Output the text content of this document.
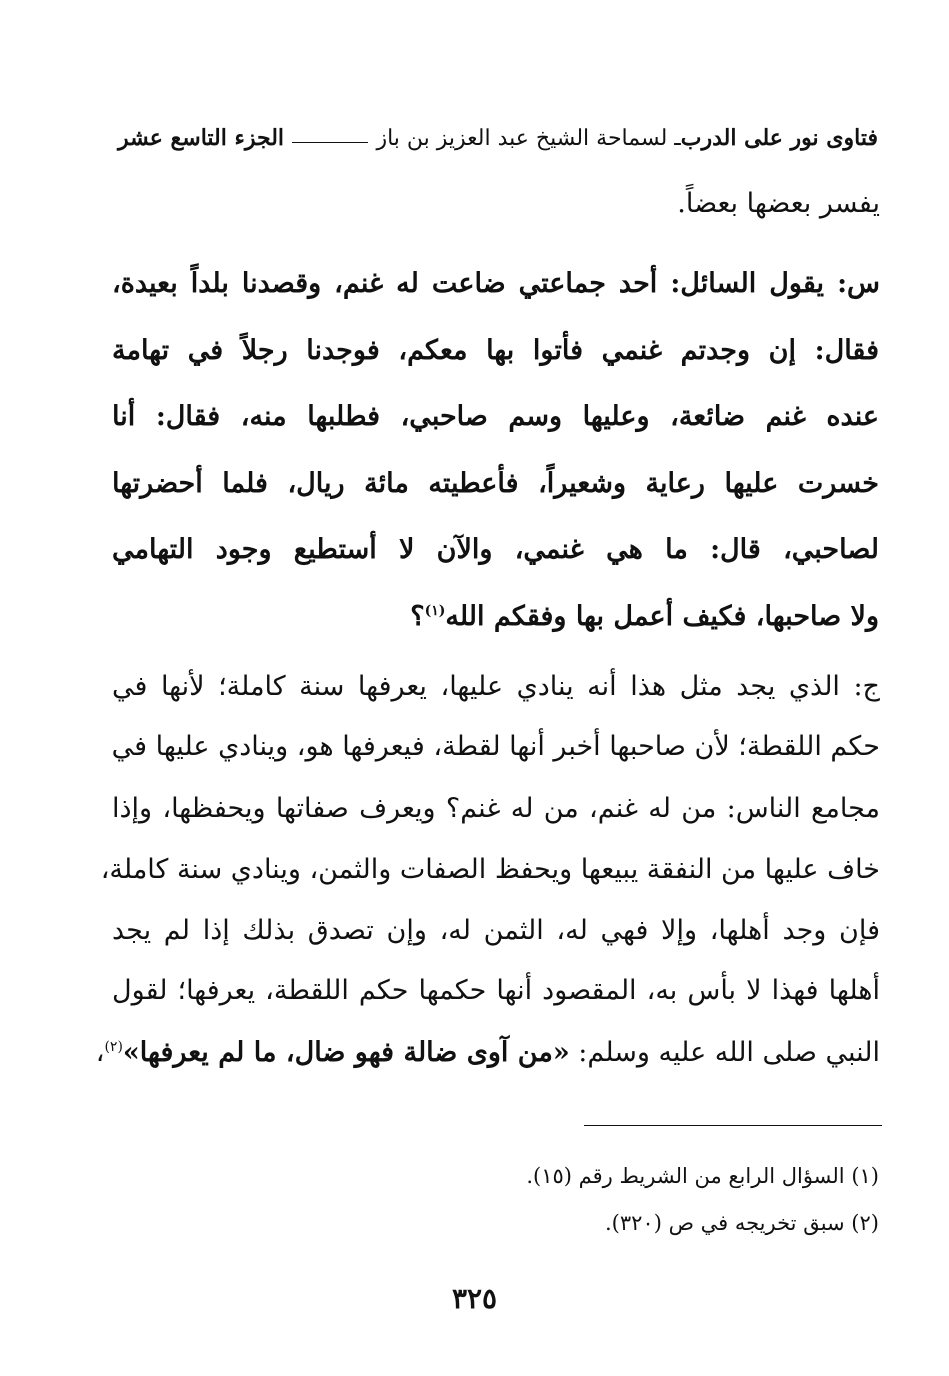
فتاوى نور على الدرب
ـ لسماحة الشيخ عبد العزيز بن باز
الجزء التاسع عشر
يفسر بعضها بعضاً.
س: يقول السائل: أحد جماعتي ضاعت له غنم، وقصدنا بلداً بعيدة،
فقال: إن وجدتم غنمي فأتوا بها معكم، فوجدنا رجلاً في تهامة
عنده غنم ضائعة، وعليها وسم صاحبي، فطلبها منه، فقال: أنا
خسرت عليها رعاية وشعيراً، فأعطيته مائة ريال، فلما أحضرتها
لصاحبي، قال: ما هي غنمي، والآن لا أستطيع وجود التهامي
ولا صاحبها، فكيف أعمل بها وفقكم الله$^{(١)}$؟
ج: الذي يجد مثل هذا أنه ينادي عليها، يعرفها سنة كاملة؛ لأنها في
حكم اللقطة؛ لأن صاحبها أخبر أنها لقطة، فيعرفها هو، وينادي عليها في
مجامع الناس: من له غنم، من له غنم؟ ويعرف صفاتها ويحفظها، وإذا
خاف عليها من النفقة يبيعها ويحفظ الصفات والثمن، وينادي سنة كاملة،
فإن وجد أهلها، وإلا فهي له، الثمن له، وإن تصدق بذلك إذا لم يجد
أهلها فهذا لا بأس به، المقصود أنها حكمها حكم اللقطة، يعرفها؛ لقول
النبي صلى الله عليه وسلم: «من آوى ضالة فهو ضال، ما لم يعرفها»$^{(٢)}$،
(١) السؤال الرابع من الشريط رقم (١٥).
(٢) سبق تخريجه في ص (٣٢٠).
٣٢٥
